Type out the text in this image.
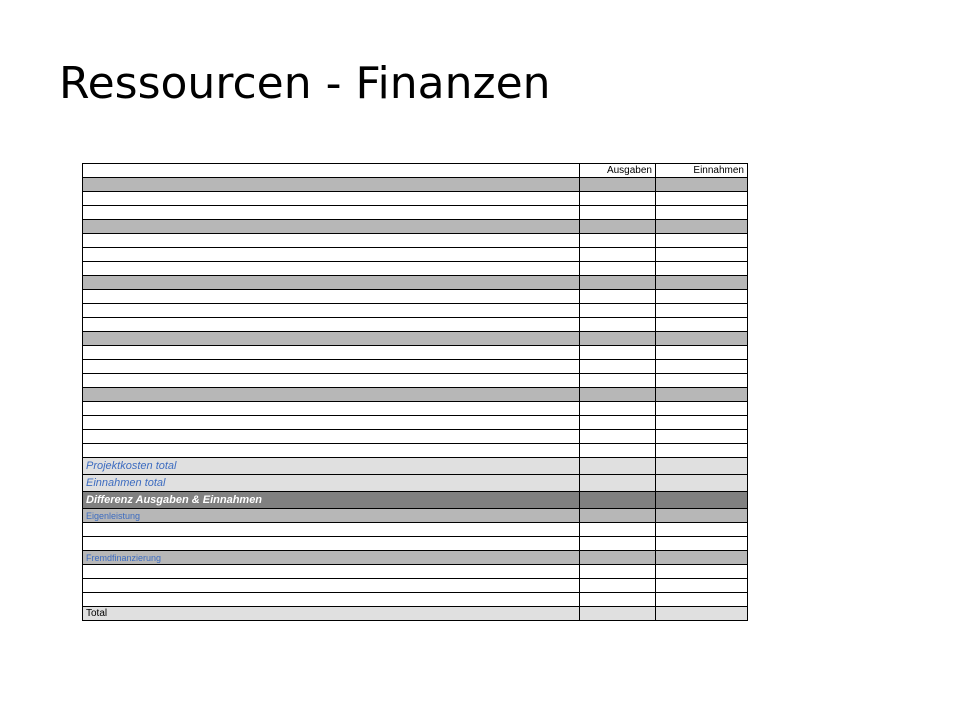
Ressourcen - Finanzen
	Ausgaben	Einnahmen

Projektkosten total		
Einnahmen total		
Differenz Ausgaben & Einnahmen		
Eigenleistung		

Fremdfinanzierung		

Total		
